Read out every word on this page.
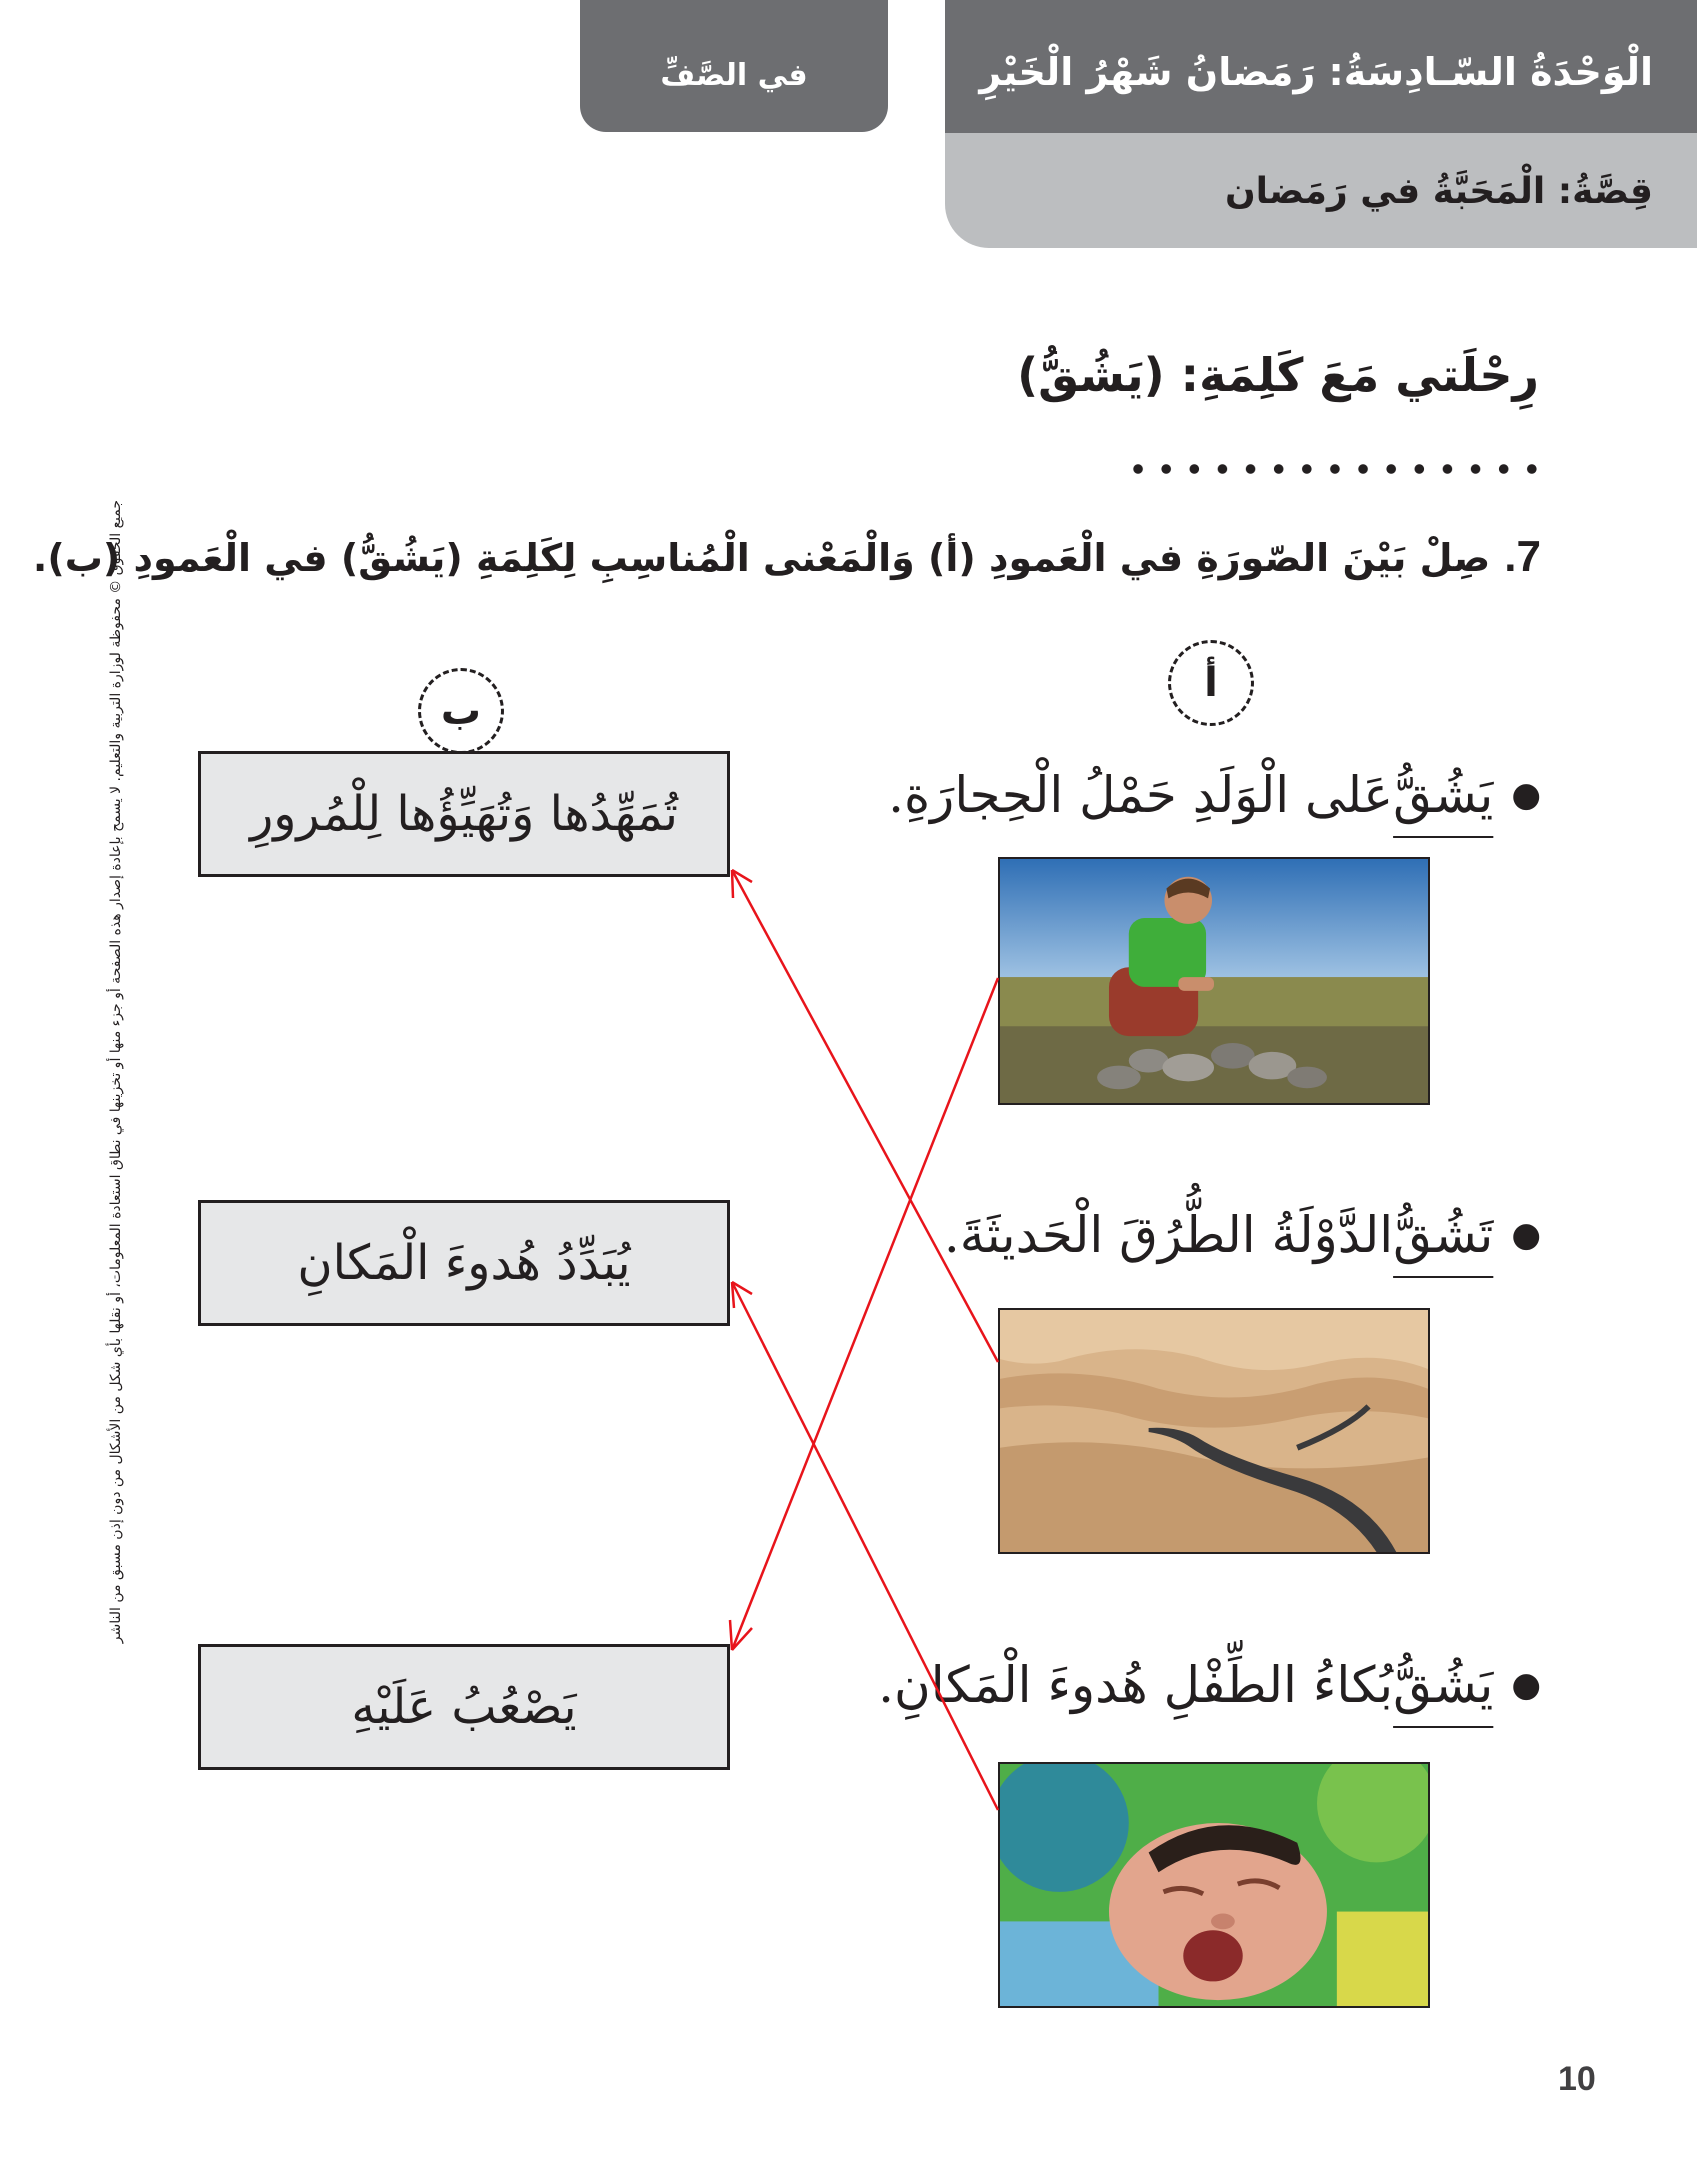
في الصَّفِّ	الْوَحْدَةُ السّـادِسَةُ: رَمَضانُ شَهْرُ الْخَيْرِ
قِصَّةُ: الْمَحَبَّةُ في رَمَضان
رِحْلَتي مَعَ كَلِمَةِ: (يَشُقُّ)
7.صِلْ بَيْنَ الصّورَةِ في الْعَمودِ (أ) وَالْمَعْنى الْمُناسِبِ لِكَلِمَةِ (يَشُقُّ) في الْعَمودِ (ب).
أ
ب
●
يَشُقُّ
عَلى الْوَلَدِ حَمْلُ الْحِجارَةِ.
●
تَشُقُّ
الدَّوْلَةُ الطُّرُقَ الْحَديثَةَ.
●
يَشُقُّ
بُكاءُ الطِّفْلِ هُدوءَ الْمَكانِ.
تُمَهِّدُها وَتُهَيِّؤُها لِلْمُرورِ
يُبَدِّدُ هُدوءَ الْمَكانِ
يَصْعُبُ عَلَيْهِ
جميع الحقوق © محفوظة لوزارة التربية والتعليم. لا يسمح بإعادة إصدار هذه الصفحة أو جزء منها أو تخزينها في نطاق استعادة المعلومات، أو نقلها بأي شكل من الأشكال من دون إذن مسبق من الناشر
10
